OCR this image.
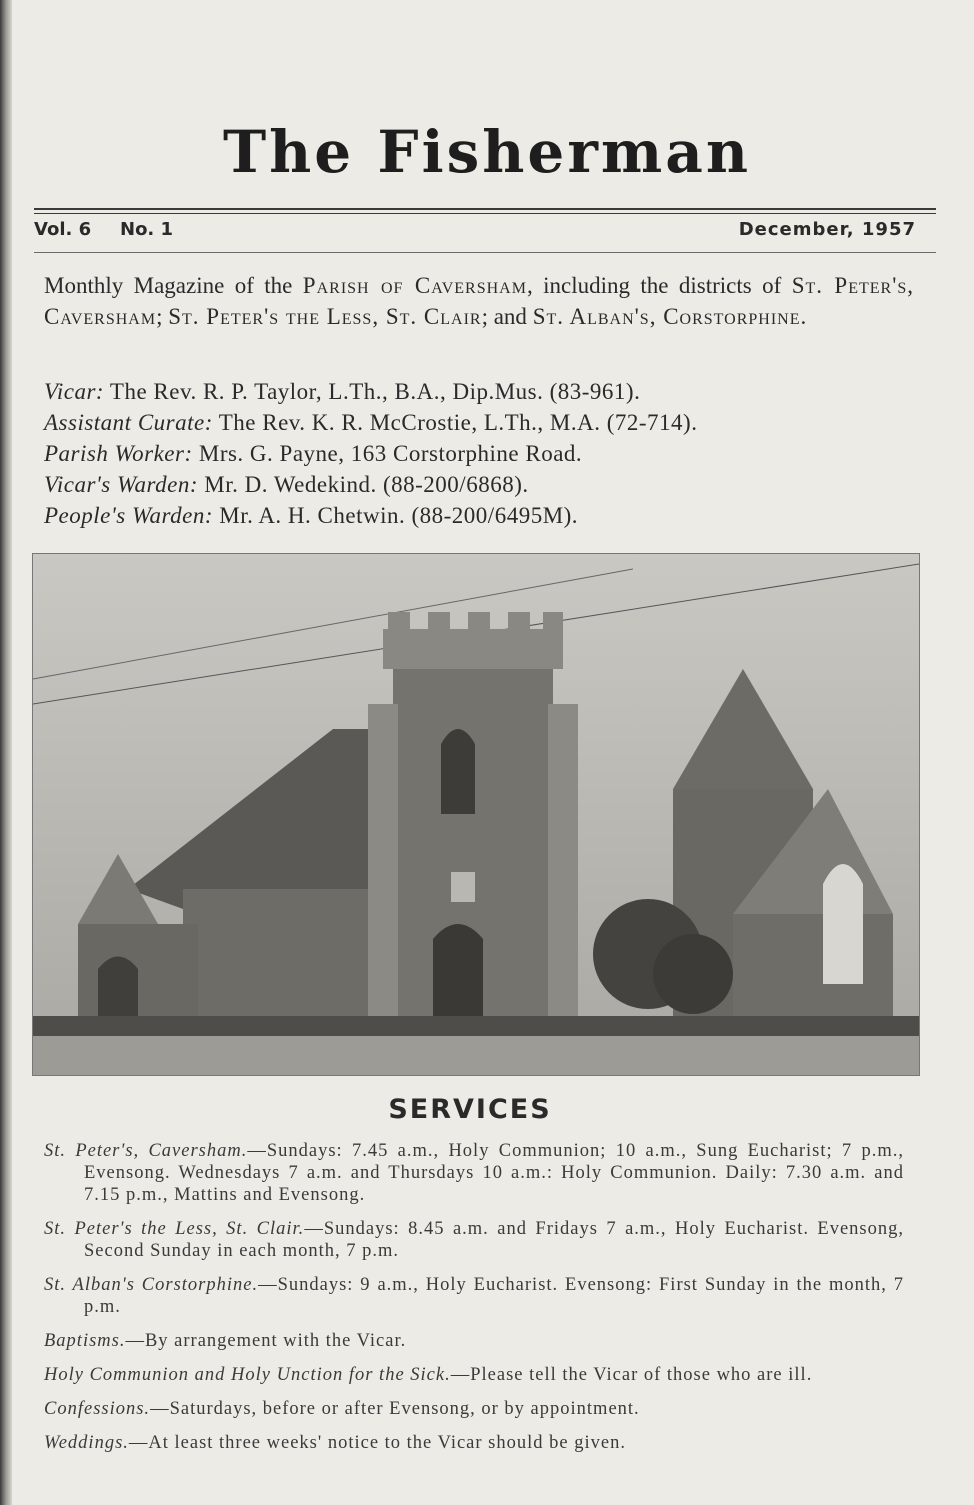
The Fisherman
Vol. 6 No. 1	December, 1957
Monthly Magazine of the Parish of Caversham, including the districts of St. Peter's, Caversham; St. Peter's the Less, St. Clair; and St. Alban's, Corstorphine.
Vicar: The Rev. R. P. Taylor, L.Th., B.A., Dip.Mus. (83-961).
Assistant Curate: The Rev. K. R. McCrostie, L.Th., M.A. (72-714).
Parish Worker: Mrs. G. Payne, 163 Corstorphine Road.
Vicar's Warden: Mr. D. Wedekind. (88-200/6868).
People's Warden: Mr. A. H. Chetwin. (88-200/6495M).
SERVICES
St. Peter's, Caversham.—Sundays: 7.45 a.m., Holy Communion; 10 a.m., Sung Eucharist; 7 p.m., Evensong. Wednesdays 7 a.m. and Thursdays 10 a.m.: Holy Communion. Daily: 7.30 a.m. and 7.15 p.m., Mattins and Evensong.
St. Peter's the Less, St. Clair.—Sundays: 8.45 a.m. and Fridays 7 a.m., Holy Eucharist. Evensong, Second Sunday in each month, 7 p.m.
St. Alban's Corstorphine.—Sundays: 9 a.m., Holy Eucharist. Evensong: First Sunday in the month, 7 p.m.
Baptisms.—By arrangement with the Vicar.
Holy Communion and Holy Unction for the Sick.—Please tell the Vicar of those who are ill.
Confessions.—Saturdays, before or after Evensong, or by appointment.
Weddings.—At least three weeks' notice to the Vicar should be given.
